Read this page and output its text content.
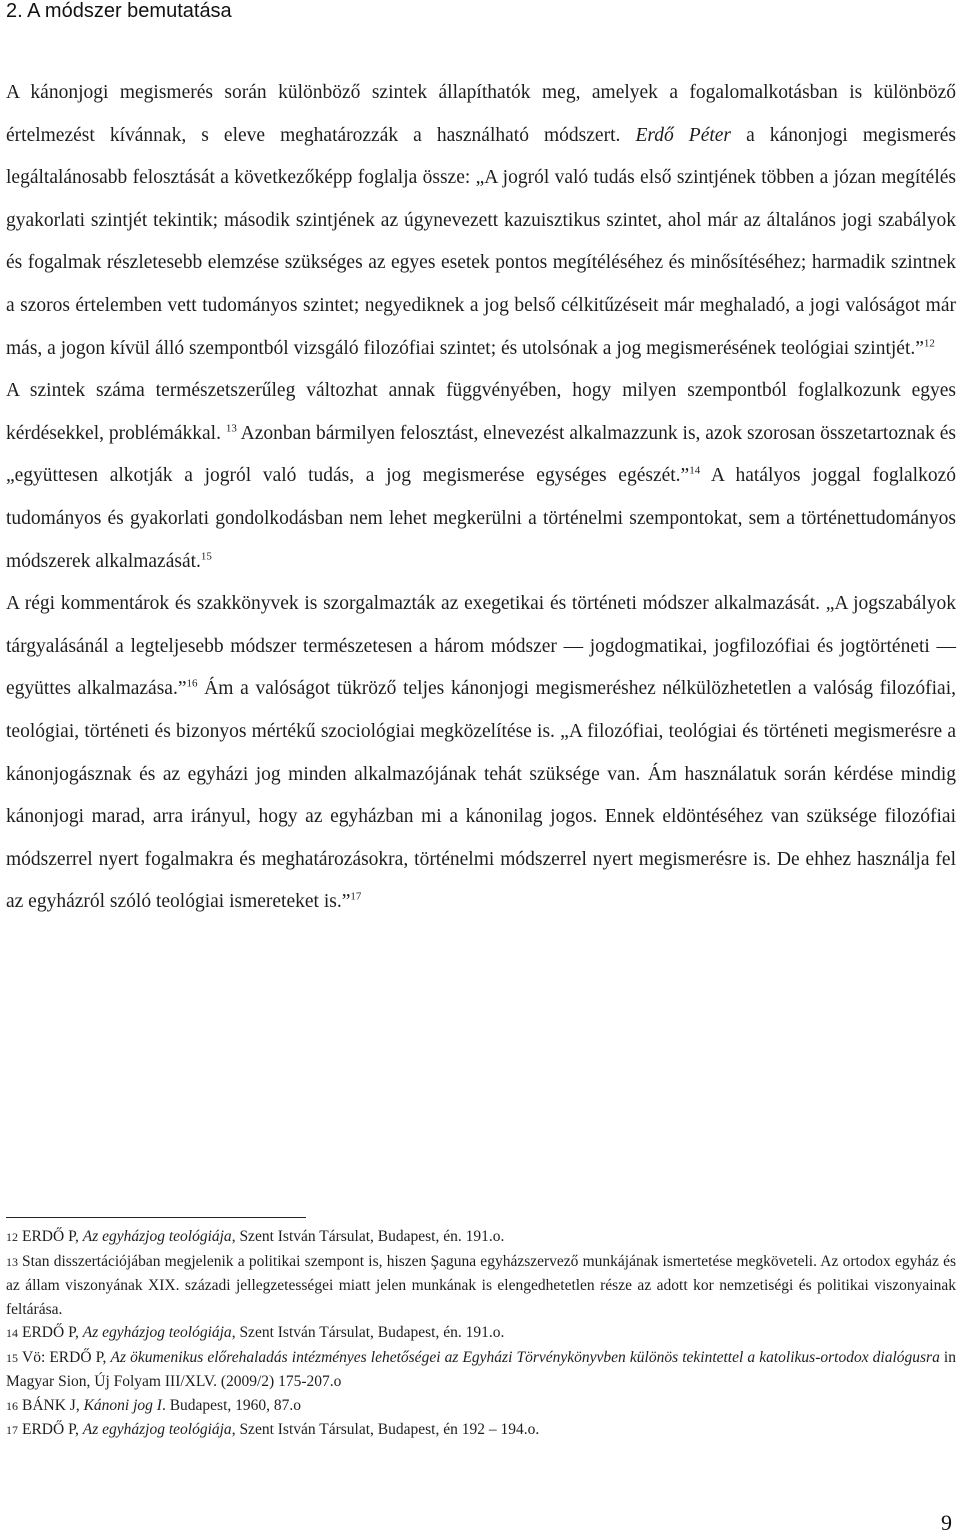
2. A módszer bemutatása

A kánonjogi megismerés során különböző szintek állapíthatók meg, amelyek a fogalomalkotásban is különböző értelmezést kívánnak, s eleve meghatározzák a használható módszert. Erdő Péter a kánonjogi megismerés legáltalánosabb felosztását a következőképp foglalja össze: „A jogról való tudás első szintjének többen a józan megítélés gyakorlati szintjét tekintik; második szintjének az úgynevezett kazuisztikus szintet, ahol már az általános jogi szabályok és fogalmak részletesebb elemzése szükséges az egyes esetek pontos megítéléséhez és minősítéséhez; harmadik szintnek a szoros értelemben vett tudományos szintet; negyediknek a jog belső célkitűzéseit már meghaladó, a jogi valóságot már más, a jogon kívül álló szempontból vizsgáló filozófiai szintet; és utolsónak a jog megismerésének teológiai szintjét.”$^{12}$

A szintek száma természetszerűleg változhat annak függvényében, hogy milyen szempontból foglalkozunk egyes kérdésekkel, problémákkal. $^{13}$ Azonban bármilyen felosztást, elnevezést alkalmazzunk is, azok szorosan összetartoznak és „együttesen alkotják a jogról való tudás, a jog megismerése egységes egészét.”$^{14}$ A hatályos joggal foglalkozó tudományos és gyakorlati gondolkodásban nem lehet megkerülni a történelmi szempontokat, sem a történettudományos módszerek alkalmazását.$^{15}$

A régi kommentárok és szakkönyvek is szorgalmazták az exegetikai és történeti módszer alkalmazását. „A jogszabályok tárgyalásánál a legteljesebb módszer természetesen a három módszer — jogdogmatikai, jogfilozófiai és jogtörténeti — együttes alkalmazása.”$^{16}$ Ám a valóságot tükröző teljes kánonjogi megismeréshez nélkülözhetetlen a valóság filozófiai, teológiai, történeti és bizonyos mértékű szociológiai megközelítése is. „A filozófiai, teológiai és történeti megismerésre a kánonjogásznak és az egyházi jog minden alkalmazójának tehát szüksége van. Ám használatuk során kérdése mindig kánonjogi marad, arra irányul, hogy az egyházban mi a kánonilag jogos. Ennek eldöntéséhez van szüksége filozófiai módszerrel nyert fogalmakra és meghatározásokra, történelmi módszerrel nyert megismerésre is. De ehhez használja fel az egyházról szóló teológiai ismereteket is.”$^{17}$

12 ERDŐ P, Az egyházjog teológiája, Szent István Társulat, Budapest, én. 191.o.

13 Stan disszertációjában megjelenik a politikai szempont is, hiszen Şaguna egyházszervező munkájának ismertetése megköveteli. Az ortodox egyház és az állam viszonyának XIX. századi jellegzetességei miatt jelen munkának is elengedhetetlen része az adott kor nemzetiségi és politikai viszonyainak feltárása.

14 ERDŐ P, Az egyházjog teológiája, Szent István Társulat, Budapest, én. 191.o.

15 Vö: ERDŐ P, Az ökumenikus előrehaladás intézményes lehetőségei az Egyházi Törvénykönyvben különös tekintettel a katolikus-ortodox dialógusra in Magyar Sion, Új Folyam III/XLV. (2009/2) 175-207.o

16 BÁNK J, Kánoni jog I. Budapest, 1960, 87.o

17 ERDŐ P, Az egyházjog teológiája, Szent István Társulat, Budapest, én 192 – 194.o.

9
